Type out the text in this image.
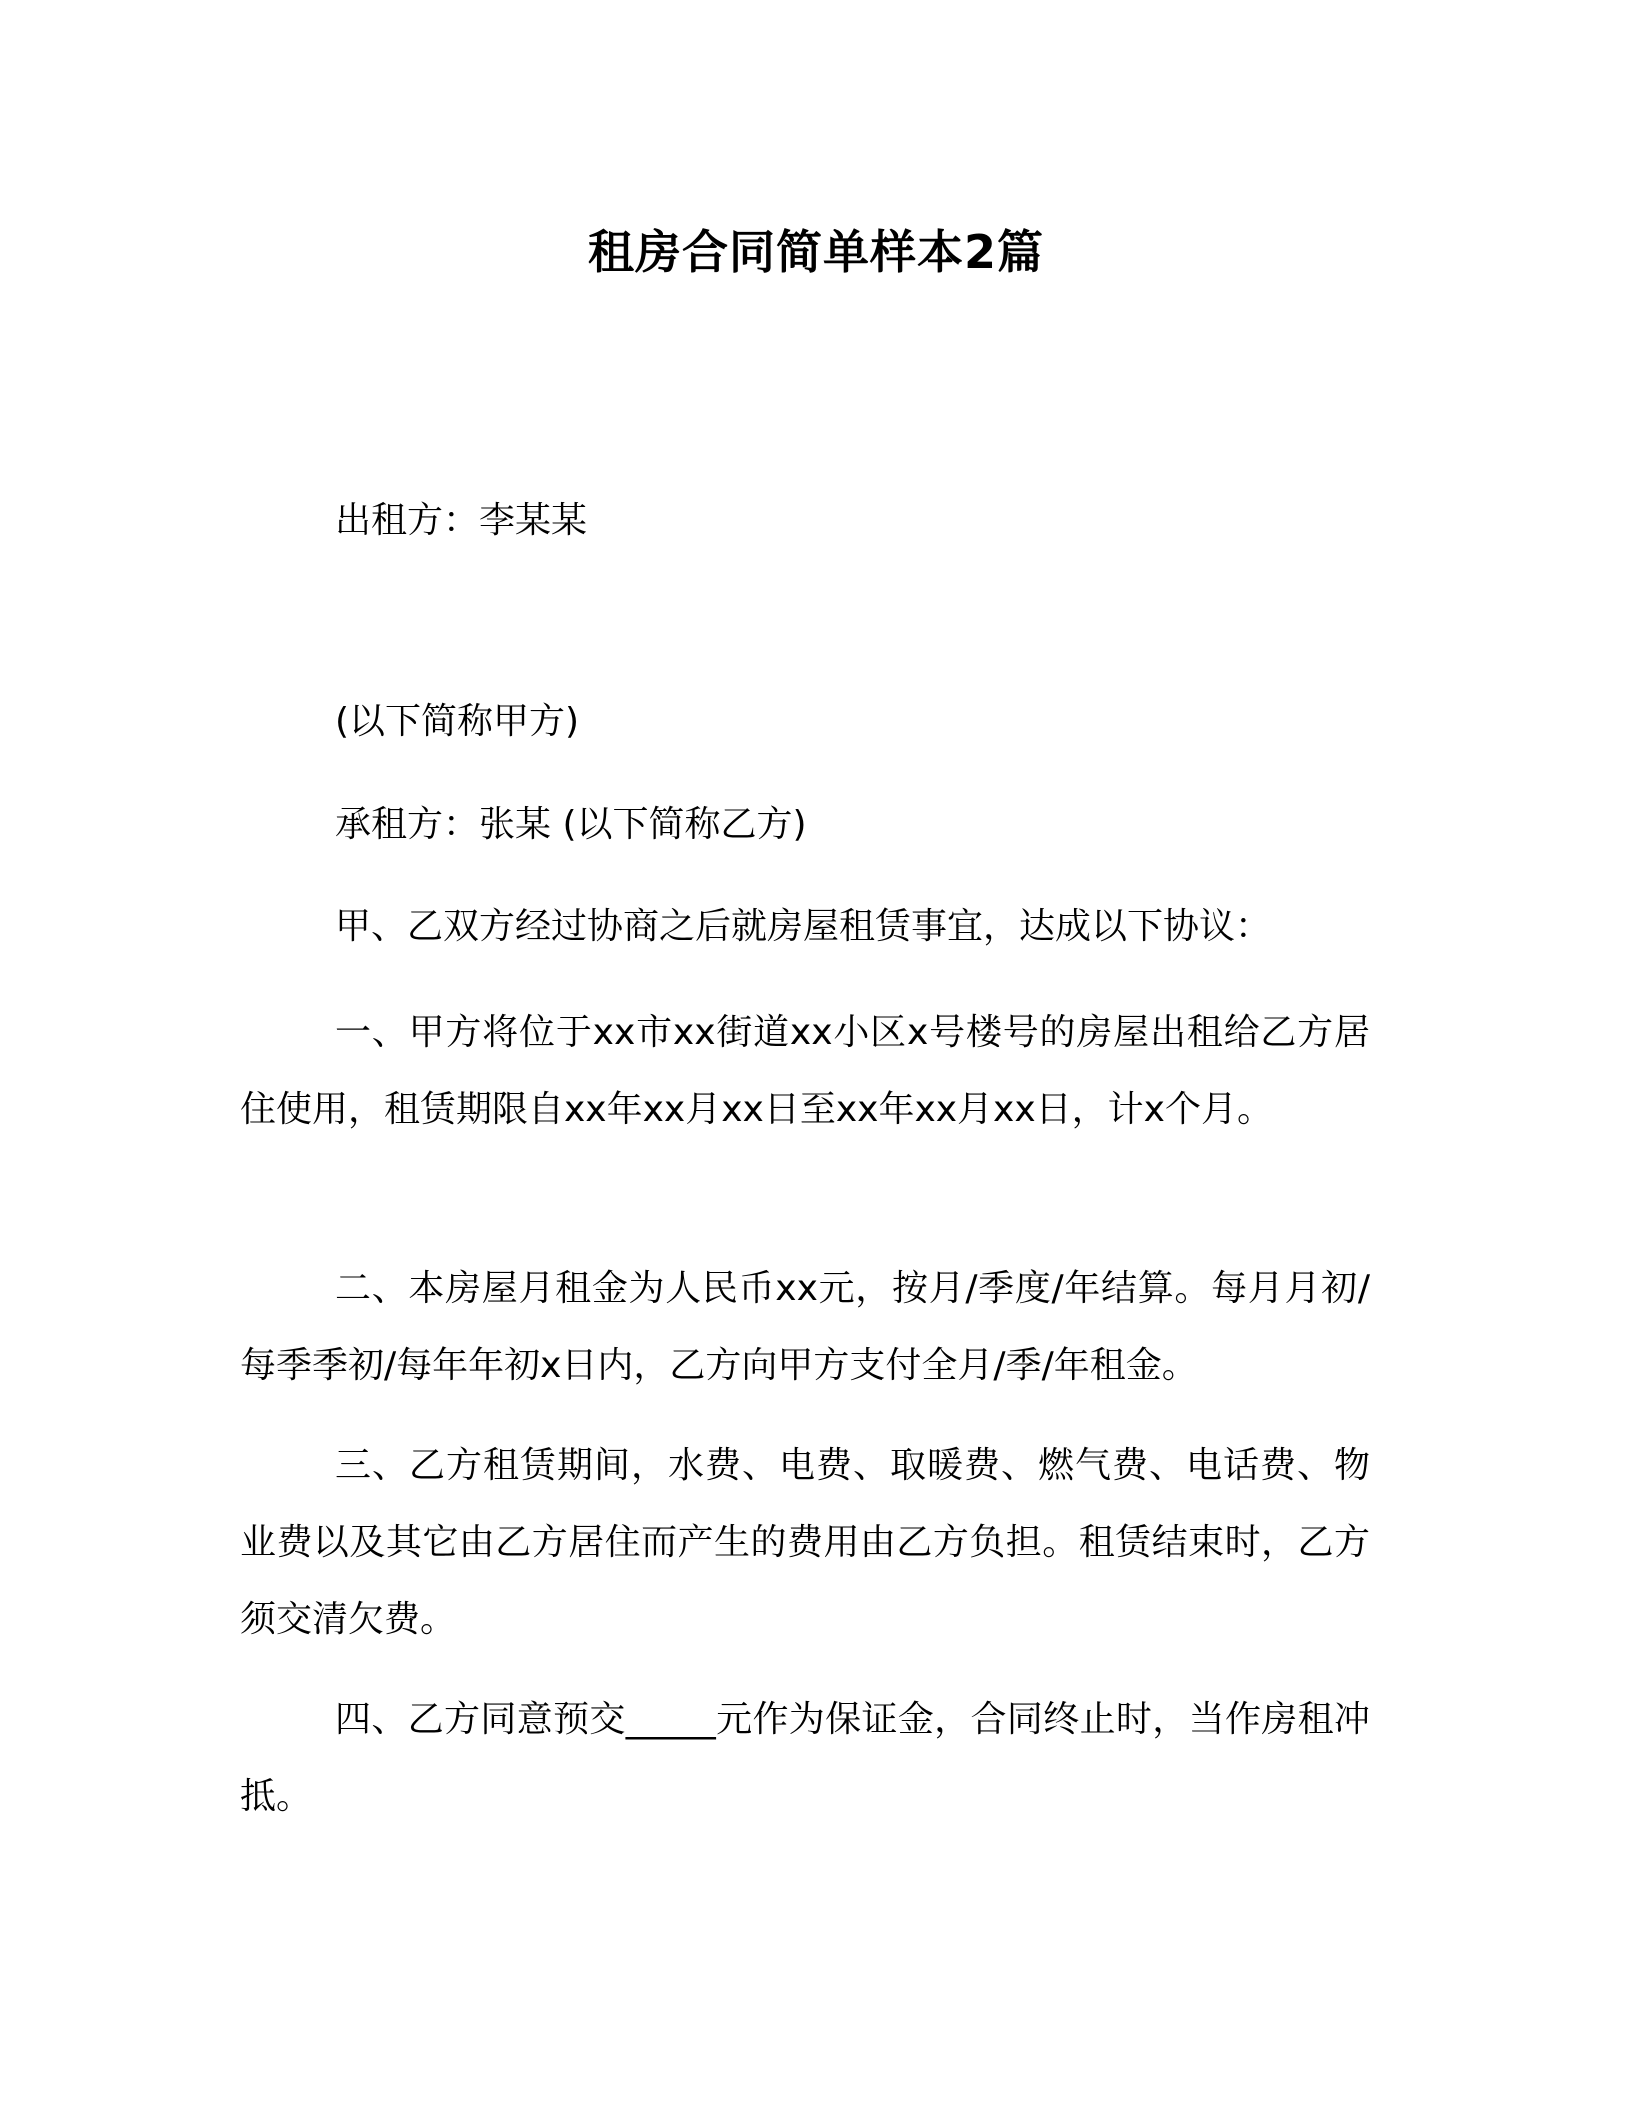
租房合同简单样本2篇
出租方：李某某
(以下简称甲方)
承租方：张某 (以下简称乙方)
甲、乙双方经过协商之后就房屋租赁事宜，达成以下协议：
一、甲方将位于xx市xx街道xx小区x号楼号的房屋出租给乙方居住使用，租赁期限自xx年xx月xx日至xx年xx月xx日，计x个月。
二、本房屋月租金为人民币xx元，按月/季度/年结算。每月月初/每季季初/每年年初x日内，乙方向甲方支付全月/季/年租金。
三、乙方租赁期间，水费、电费、取暖费、燃气费、电话费、物业费以及其它由乙方居住而产生的费用由乙方负担。租赁结束时，乙方须交清欠费。
四、乙方同意预交_____元作为保证金，合同终止时，当作房租冲抵。
